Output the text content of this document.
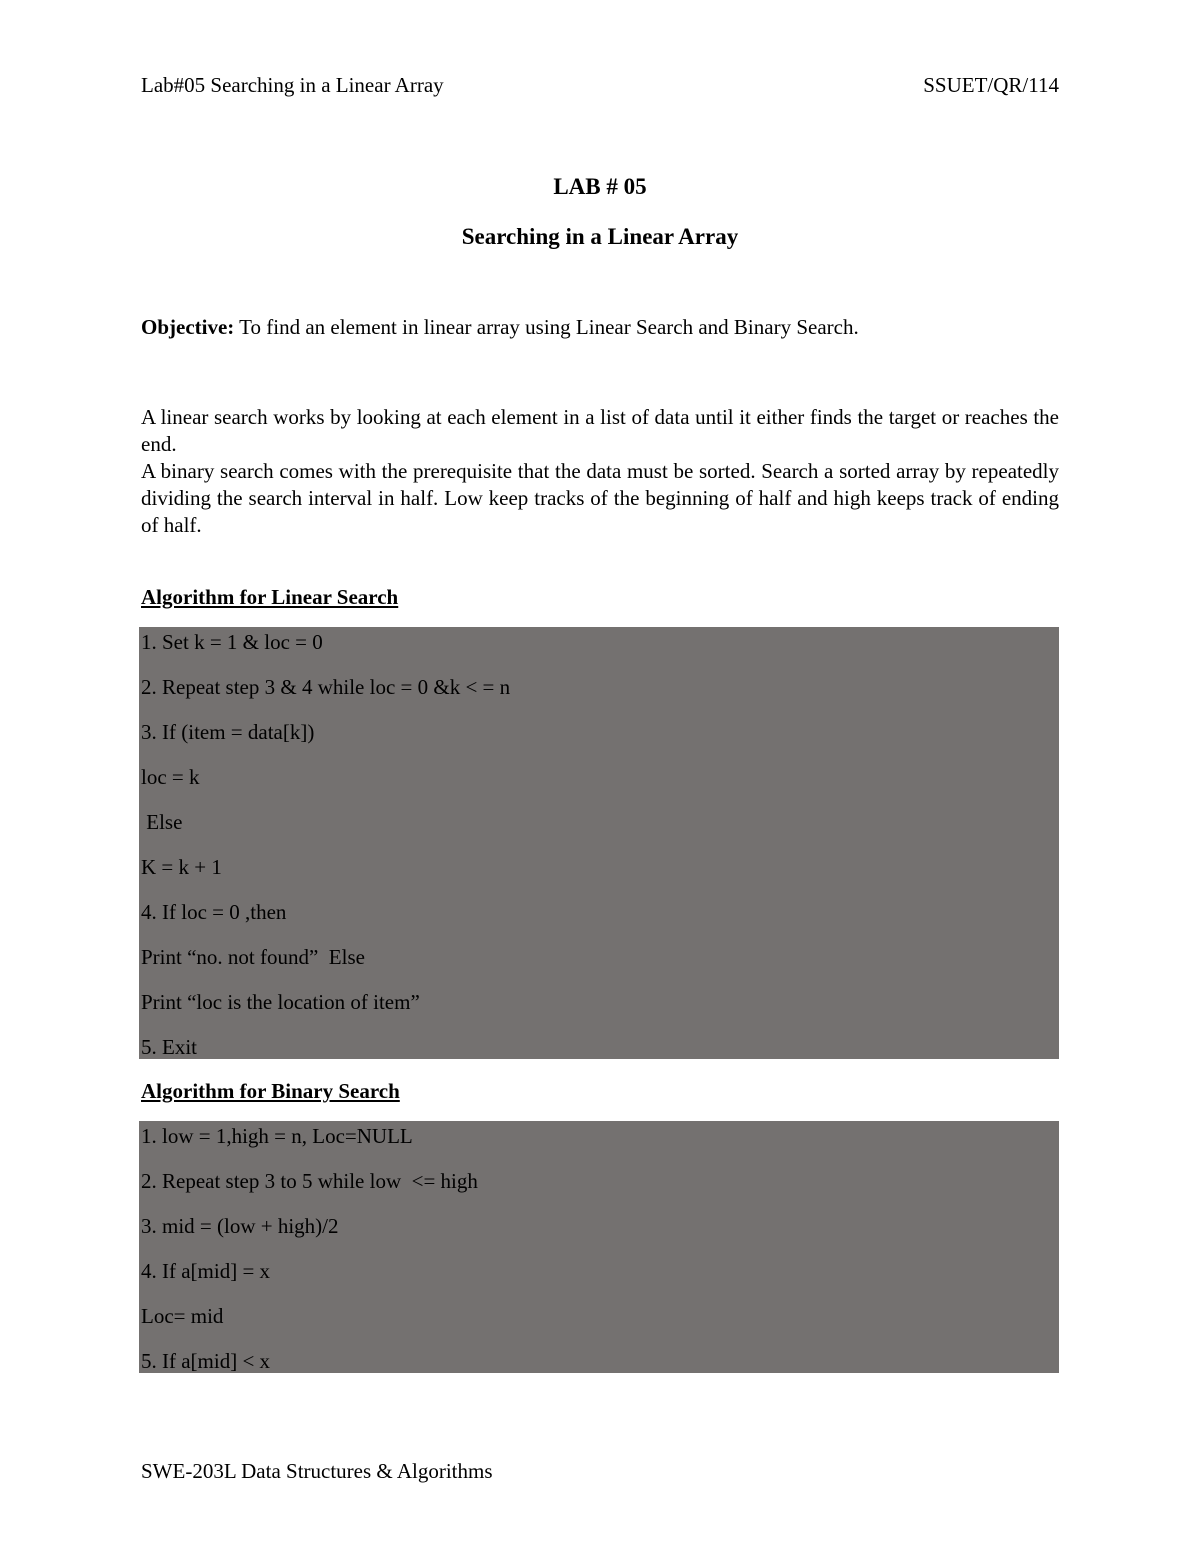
Lab#05 Searching in a Linear Array	SSUET/QR/114
LAB # 05
Searching in a Linear Array
Objective: To find an element in linear array using Linear Search and Binary Search.

A linear search works by looking at each element in a list of data until it either finds the target or reaches the end.

A binary search comes with the prerequisite that the data must be sorted. Search a sorted array by repeatedly dividing the search interval in half. Low keep tracks of the beginning of half and high keeps track of ending of half.

Algorithm for Linear Search
1. Set k = 1 & loc = 0
2. Repeat step 3 & 4 while loc = 0 &k < = n
3. If (item = data[k])
loc = k
Else
K = k + 1
4. If loc = 0 ,then
Print “no. not found”  Else
Print “loc is the location of item”
5. Exit
Algorithm for Binary Search
1. low = 1,high = n, Loc=NULL
2. Repeat step 3 to 5 while low  <= high
3. mid = (low + high)/2
4. If a[mid] = x
Loc= mid
5. If a[mid] < x
SWE-203L Data Structures & Algorithms
